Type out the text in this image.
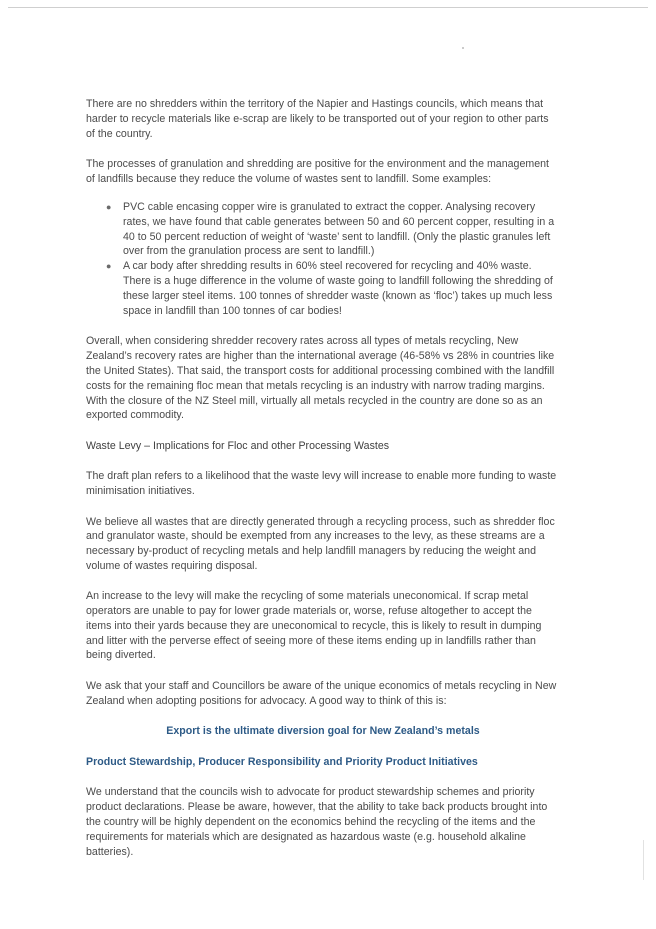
There are no shredders within the territory of the Napier and Hastings councils, which means that harder to recycle materials like e-scrap are likely to be transported out of your region to other parts of the country.

The processes of granulation and shredding are positive for the environment and the management of landfills because they reduce the volume of wastes sent to landfill. Some examples:

● PVC cable encasing copper wire is granulated to extract the copper. Analysing recovery rates, we have found that cable generates between 50 and 60 percent copper, resulting in a 40 to 50 percent reduction of weight of ‘waste’ sent to landfill. (Only the plastic granules left over from the granulation process are sent to landfill.)
● A car body after shredding results in 60% steel recovered for recycling and 40% waste. There is a huge difference in the volume of waste going to landfill following the shredding of these larger steel items. 100 tonnes of shredder waste (known as ‘floc’) takes up much less space in landfill than 100 tonnes of car bodies!

Overall, when considering shredder recovery rates across all types of metals recycling, New Zealand’s recovery rates are higher than the international average (46-58% vs 28% in countries like the United States). That said, the transport costs for additional processing combined with the landfill costs for the remaining floc mean that metals recycling is an industry with narrow trading margins. With the closure of the NZ Steel mill, virtually all metals recycled in the country are done so as an exported commodity.

Waste Levy – Implications for Floc and other Processing Wastes

The draft plan refers to a likelihood that the waste levy will increase to enable more funding to waste minimisation initiatives.

We believe all wastes that are directly generated through a recycling process, such as shredder floc and granulator waste, should be exempted from any increases to the levy, as these streams are a necessary by-product of recycling metals and help landfill managers by reducing the weight and volume of wastes requiring disposal.

An increase to the levy will make the recycling of some materials uneconomical. If scrap metal operators are unable to pay for lower grade materials or, worse, refuse altogether to accept the items into their yards because they are uneconomical to recycle, this is likely to result in dumping and litter with the perverse effect of seeing more of these items ending up in landfills rather than being diverted.

We ask that your staff and Councillors be aware of the unique economics of metals recycling in New Zealand when adopting positions for advocacy. A good way to think of this is:

Export is the ultimate diversion goal for New Zealand’s metals

Product Stewardship, Producer Responsibility and Priority Product Initiatives

We understand that the councils wish to advocate for product stewardship schemes and priority product declarations. Please be aware, however, that the ability to take back products brought into the country will be highly dependent on the economics behind the recycling of the items and the requirements for materials which are designated as hazardous waste (e.g. household alkaline batteries).
